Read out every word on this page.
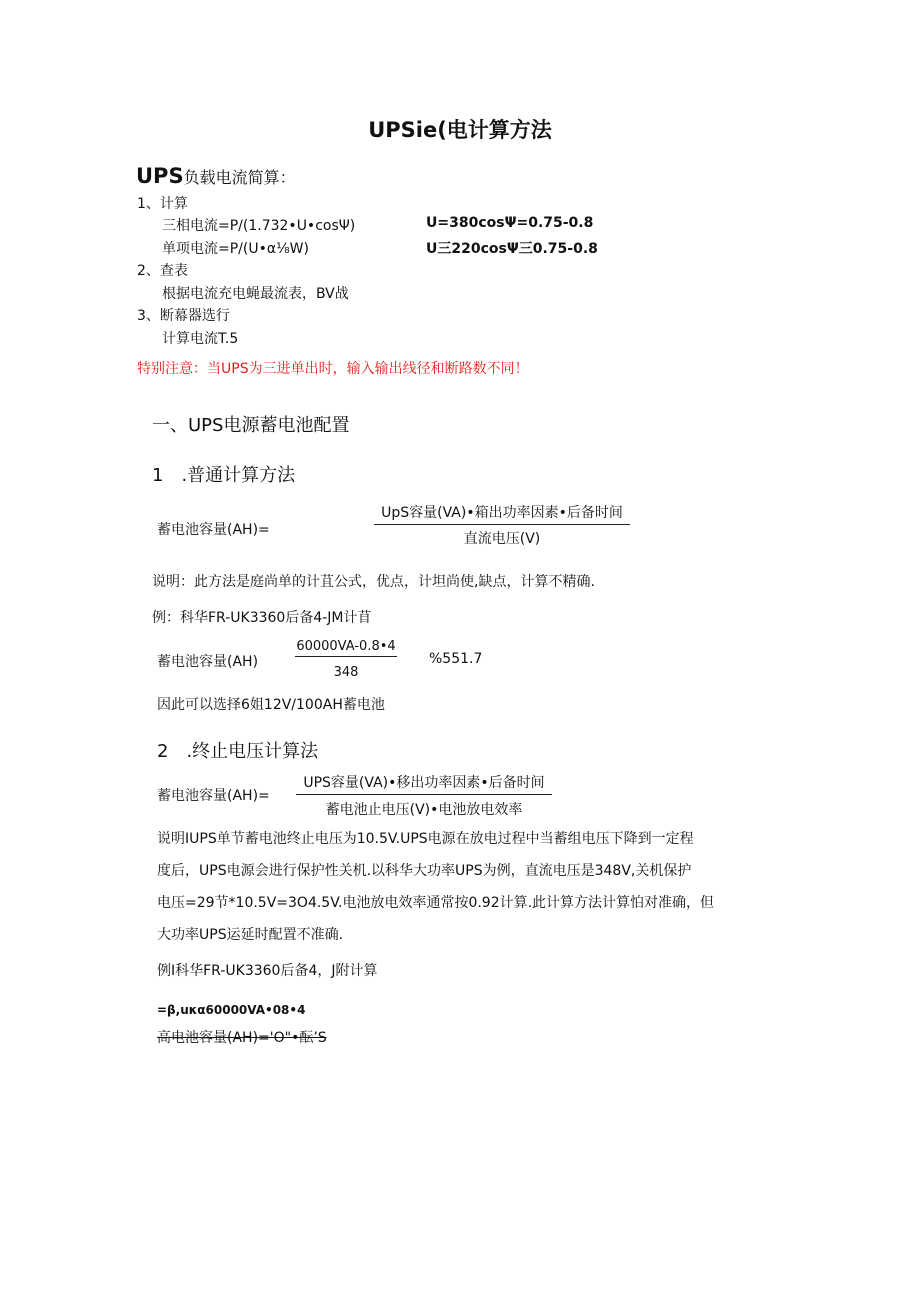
UPSie(电计算方法
UPS负载电流简算：
1、计算
三相电流=P/(1.732•U•cosΨ)	U=380cosΨ=0.75-0.8
单项电流=P/(U•α⅛W)	U三220cosΨ三0.75-0.8
2、查表
根据电流充电蝇最流表，BV战
3、断幕器选行
计算电流T.5
特别注意：当UPS为三进单出时，输入输出线径和断路数不同！
一、UPS电源蓄电池配置
1　.普通计算方法
蓄电池容量(AH)=
UpS容量(VA)•箱出功率因素•后备时间
直流电压(V)
说明：此方法是庭尚单的计苴公式，优点，计坦尚使,缺点，计算不精确.
例：科华FR-UK3360后备4-JM计苜
蓄电池容量(AH)
60000VA-0.8•4
348
%551.7
因此可以选择6姐12V/100AH蓄电池
2　.终止电压计算法
蓄电池容量(AH)=
UPS容量(VA)•移出功率因素•后备时间
蓄电池止电压(V)•电池放电效率
说明IUPS单节蓄电池终止电压为10.5V.UPS电源在放电过程中当蓄组电压下降到一定程
度后，UPS电源会进行保护性关机.以科华大功率UPS为例，直流电压是348V,关机保护
电压=29节*10.5V=3O4.5V.电池放电效率通常按0.92计算.此计算方法计算怕对准确，但
大功率UPS运延时配置不准确.
例I科华FR-UK3360后备4，J附计算
=β,uκα60000VA•08•4
高电池容量(AH)='O"•酝’S
